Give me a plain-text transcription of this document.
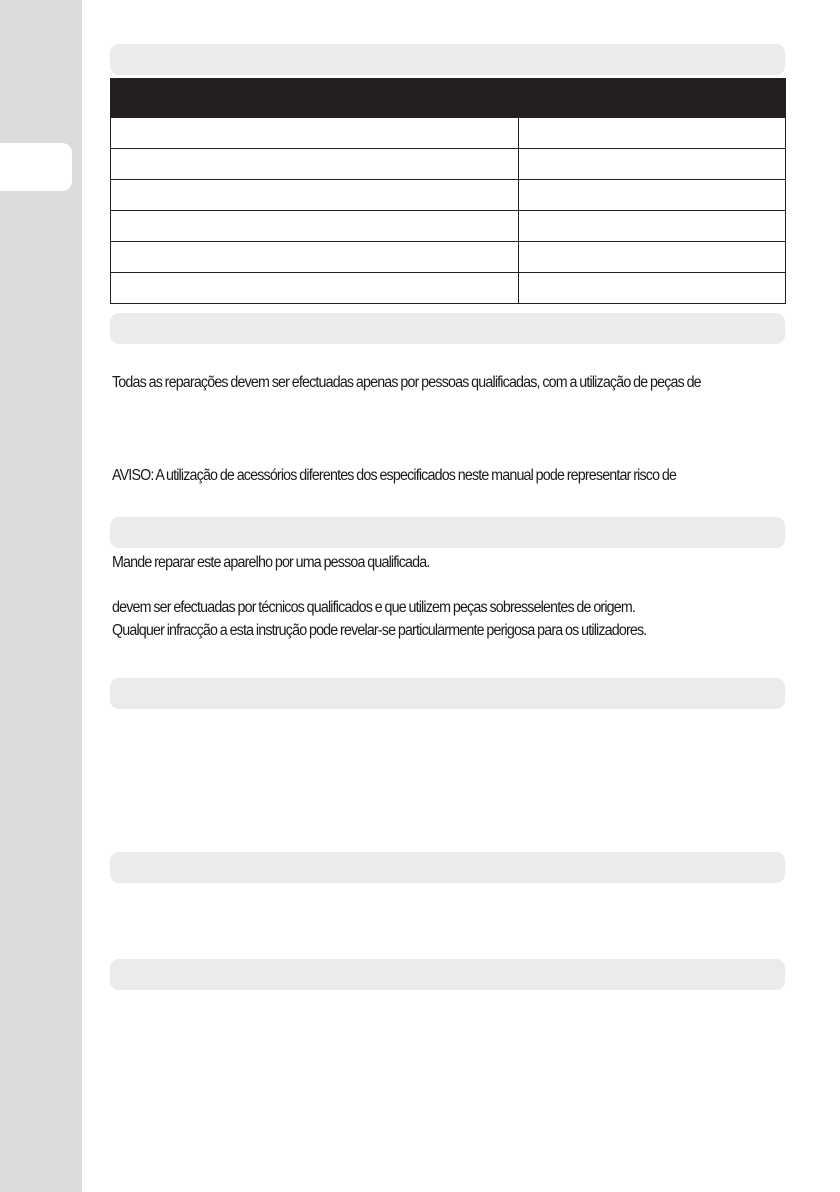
Todas as reparações devem ser efectuadas apenas por pessoas qualificadas, com a utilização de peças de

AVISO: A utilização de acessórios diferentes dos especificados neste manual pode representar risco de

Mande reparar este aparelho por uma pessoa qualificada.

devem ser efectuadas por técnicos qualificados e que utilizem peças sobresselentes de origem.

Qualquer infracção a esta instrução pode revelar-se particularmente perigosa para os utilizadores.
